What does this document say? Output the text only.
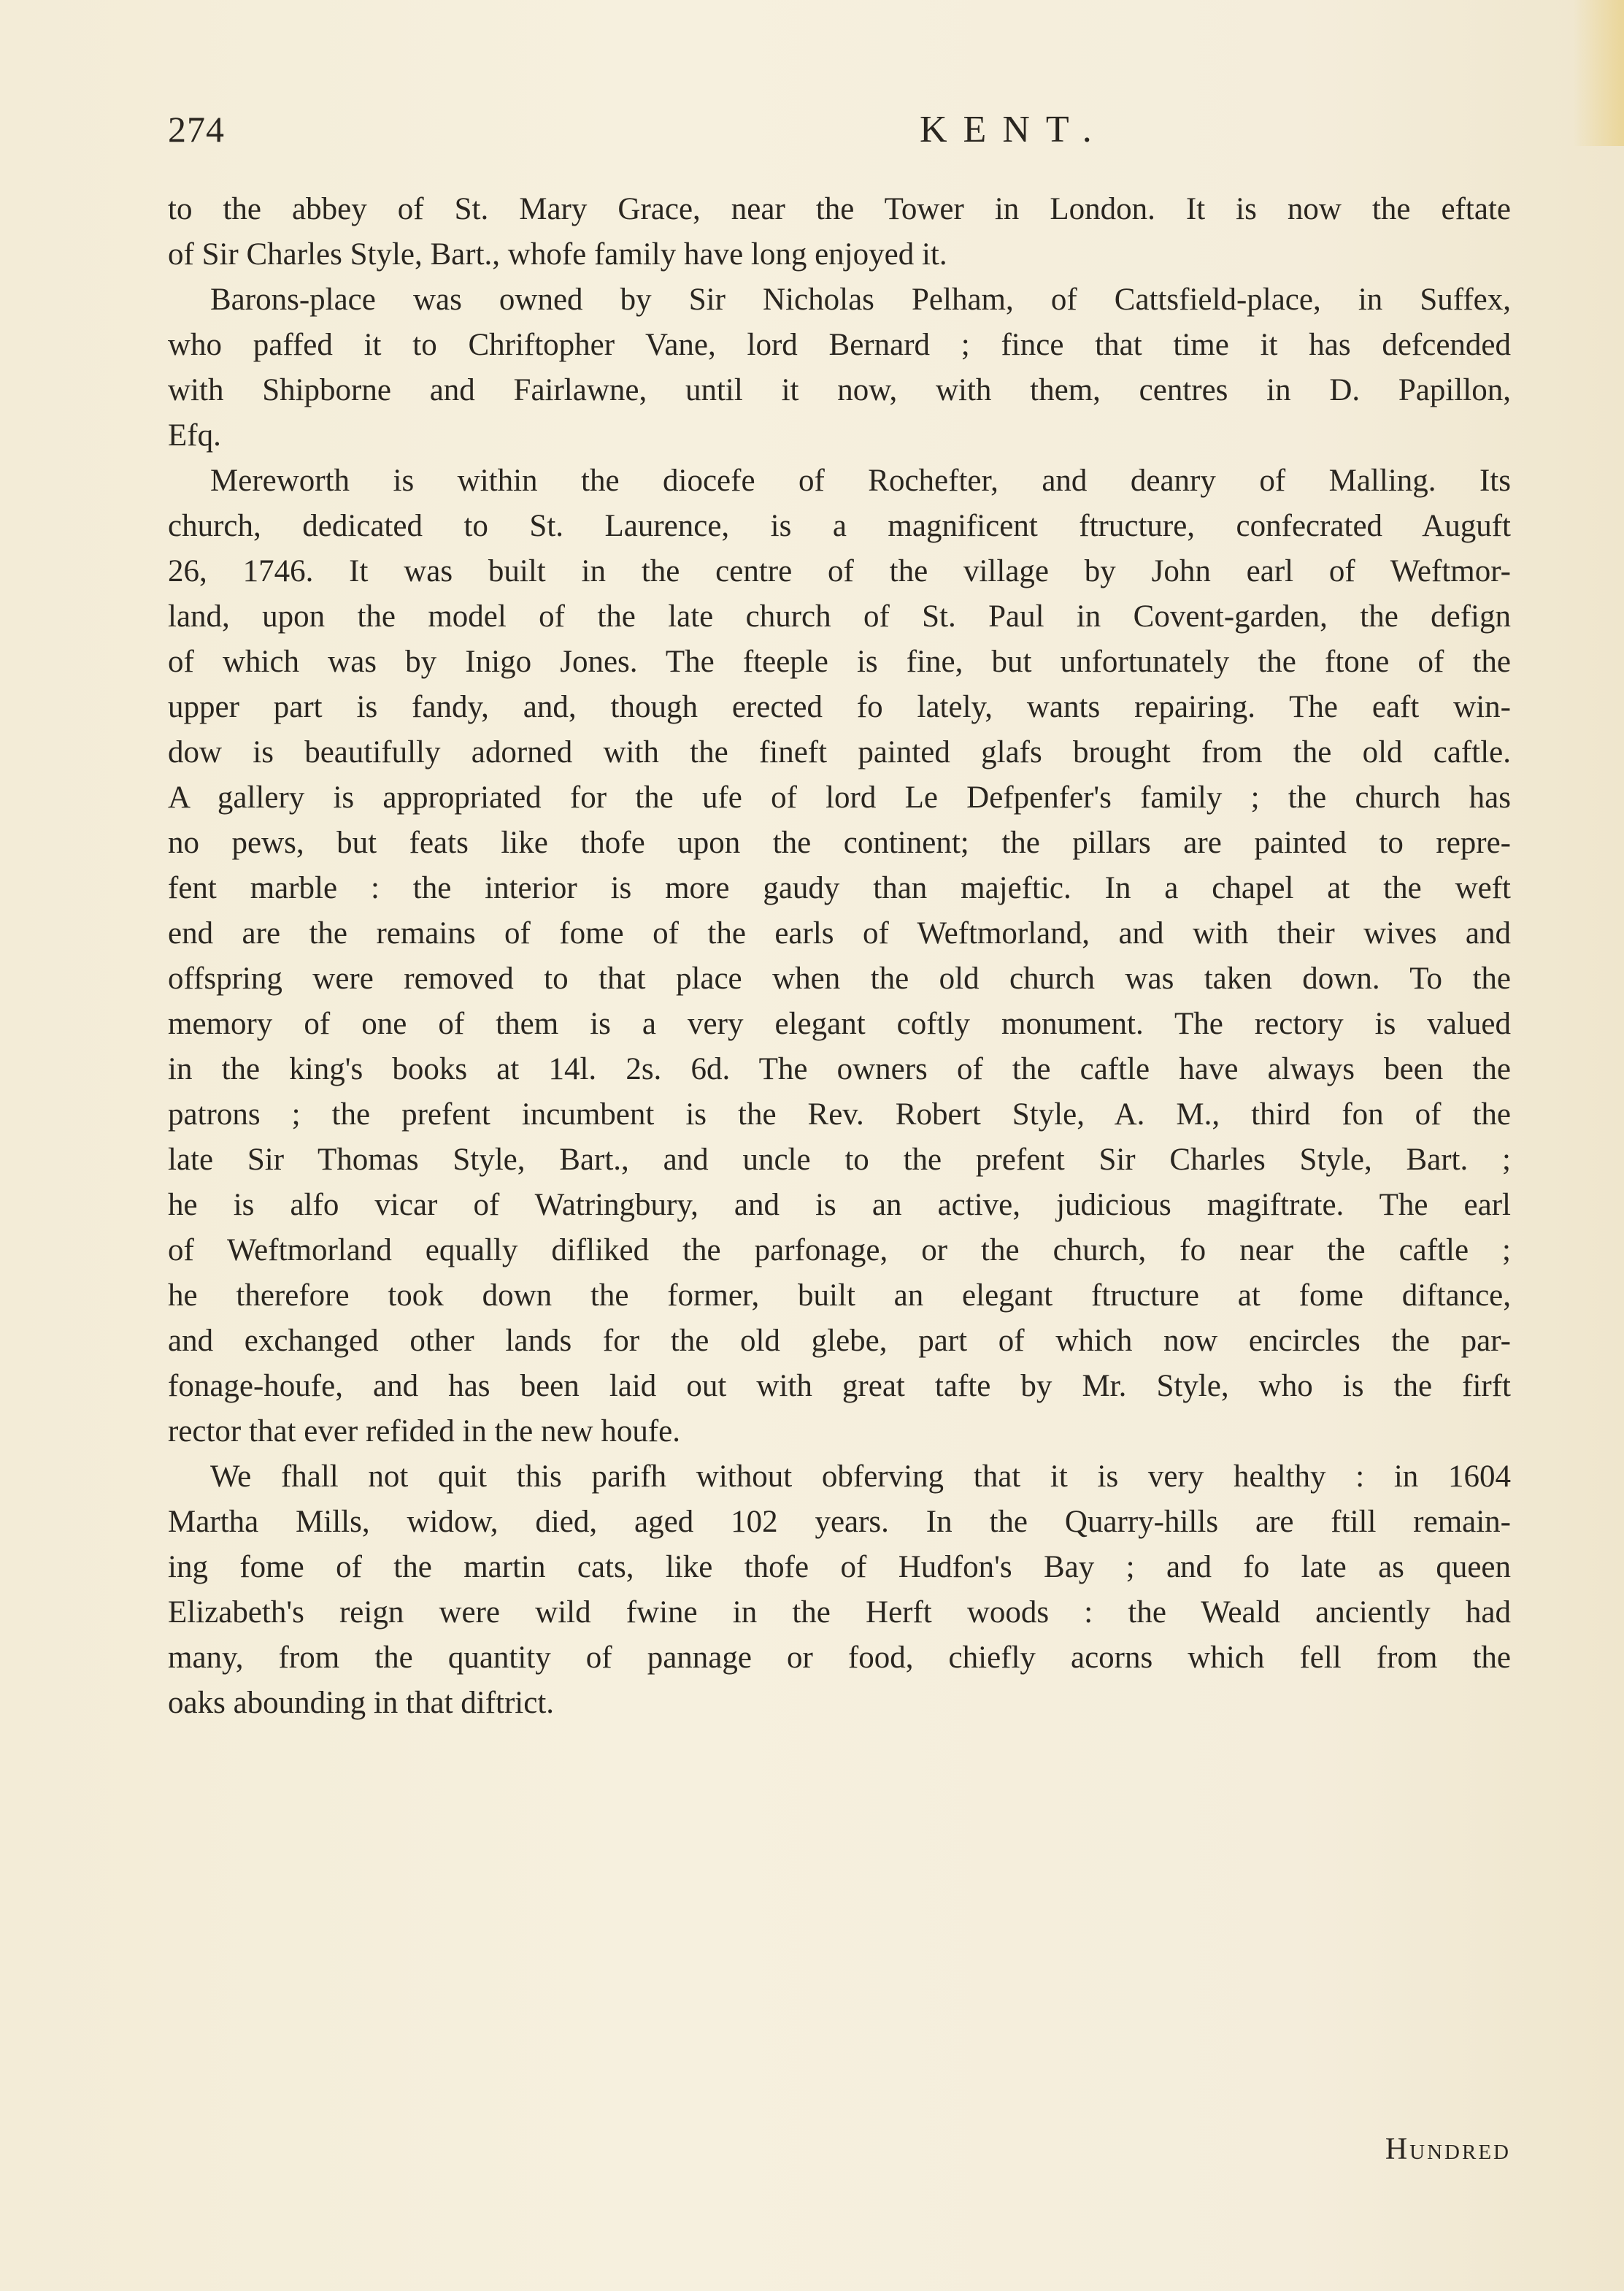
274	KENT.
to the abbey of St. Mary Grace, near the Tower in London. It is now the eftate
of Sir Charles Style, Bart., whofe family have long enjoyed it.
Barons-place was owned by Sir Nicholas Pelham, of Cattsfield-place, in Suffex,
who paffed it to Chriftopher Vane, lord Bernard ; fince that time it has defcended
with Shipborne and Fairlawne, until it now, with them, centres in D. Papillon,
Efq.
Mereworth is within the diocefe of Rochefter, and deanry of Malling. Its
church, dedicated to St. Laurence, is a magnificent ftructure, confecrated Auguft
26, 1746. It was built in the centre of the village by John earl of Weftmor-
land, upon the model of the late church of St. Paul in Covent-garden, the defign
of which was by Inigo Jones. The fteeple is fine, but unfortunately the ftone of the
upper part is fandy, and, though erected fo lately, wants repairing. The eaft win-
dow is beautifully adorned with the fineft painted glafs brought from the old caftle.
A gallery is appropriated for the ufe of lord Le Defpenfer's family ; the church has
no pews, but feats like thofe upon the continent; the pillars are painted to repre-
fent marble : the interior is more gaudy than majeftic. In a chapel at the weft
end are the remains of fome of the earls of Weftmorland, and with their wives and
offspring were removed to that place when the old church was taken down. To the
memory of one of them is a very elegant coftly monument. The rectory is valued
in the king's books at 14l. 2s. 6d. The owners of the caftle have always been the
patrons ; the prefent incumbent is the Rev. Robert Style, A. M., third fon of the
late Sir Thomas Style, Bart., and uncle to the prefent Sir Charles Style, Bart. ;
he is alfo vicar of Watringbury, and is an active, judicious magiftrate. The earl
of Weftmorland equally difliked the parfonage, or the church, fo near the caftle ;
he therefore took down the former, built an elegant ftructure at fome diftance,
and exchanged other lands for the old glebe, part of which now encircles the par-
fonage-houfe, and has been laid out with great tafte by Mr. Style, who is the firft
rector that ever refided in the new houfe.
We fhall not quit this parifh without obferving that it is very healthy : in 1604
Martha Mills, widow, died, aged 102 years. In the Quarry-hills are ftill remain-
ing fome of the martin cats, like thofe of Hudfon's Bay ; and fo late as queen
Elizabeth's reign were wild fwine in the Herft woods : the Weald anciently had
many, from the quantity of pannage or food, chiefly acorns which fell from the
oaks abounding in that diftrict.
Hundred
